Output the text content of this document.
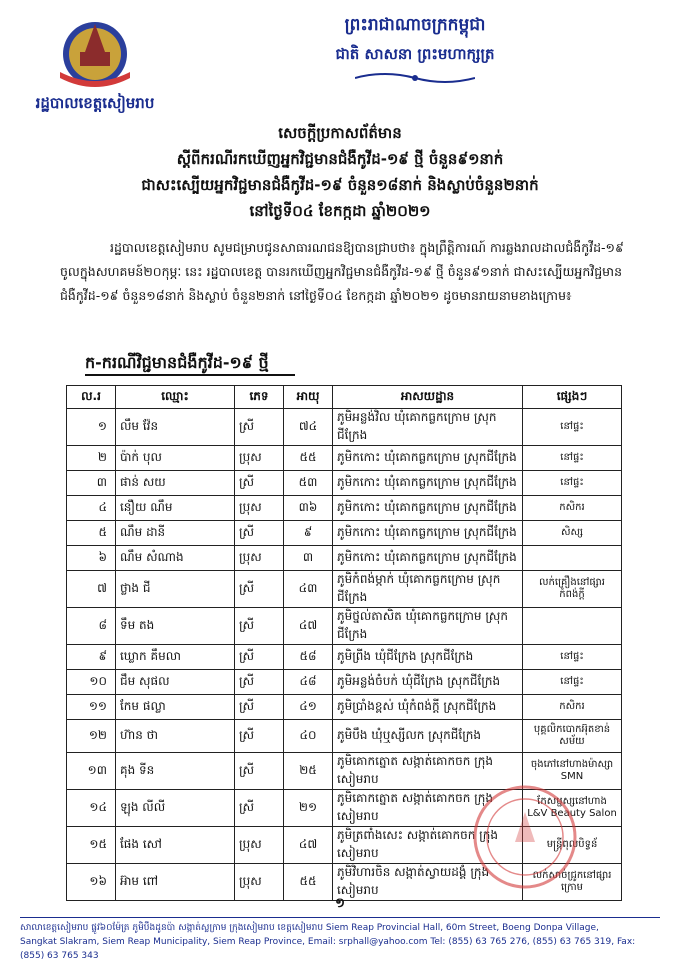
រដ្ឋបាលខេត្តសៀមរាប
ព្រះរាជាណាចក្រកម្ពុជា
ជាតិ សាសនា ព្រះមហាក្សត្រ
សេចក្តីប្រកាសព័ត៌មាន
ស្តីពីករណីរកឃើញអ្នកវិជ្ជមានជំងឺកូវីដ-១៩ ថ្មី ចំនួន៩១នាក់
ជាសះស្បើយអ្នកវិជ្ជមានជំងឺកូវីដ-១៩ ចំនួន១៨នាក់ និងស្លាប់ចំនួន២នាក់
នៅថ្ងៃទី០៤ ខែកក្កដា ឆ្នាំ២០២១
រដ្ឋបាលខេត្តសៀមរាប សូមជម្រាបជូនសាធារណជនឱ្យបានជ្រាបថា៖ ក្នុងព្រឹត្តិការណ៍ ការឆ្លងរាលដាលជំងឺកូវីដ-១៩ ចូលក្នុងសហគមន៍២០កុម្ភៈ នេះ រដ្ឋបាលខេត្ត បានរកឃើញអ្នកវិជ្ជមានជំងឺកូវីដ-១៩ ថ្មី ចំនួន៩១នាក់ ជាសះស្បើយអ្នកវិជ្ជមានជំងឺកូវីដ-១៩ ចំនួន១៨នាក់ និងស្លាប់ ចំនួន២នាក់ នៅថ្ងៃទី០៤ ខែកក្កដា ឆ្នាំ២០២១ ដូចមានរាយនាមខាងក្រោម៖
ក-ករណីវិជ្ជមានជំងឺកូវីដ-១៩ ថ្មី
ល.រ	ឈ្មោះ	ភេទ	អាយុ	អាសយដ្ឋាន	ផ្សេងៗ
១	លឹម វ៉ែន	ស្រី	៧៤	ភូមិអន្លង់វិល ឃុំគោកធ្លកក្រោម ស្រុកជីក្រែង	នៅផ្ទះ
២	ប៉ាក់ បុល	ប្រុស	៥៥	ភូមិកកោះ ឃុំគោកធ្លកក្រោម ស្រុកជីក្រែង	នៅផ្ទះ
៣	ផាន់ សយ	ស្រី	៥៣	ភូមិកកោះ ឃុំគោកធ្លកក្រោម ស្រុកជីក្រែង	នៅផ្ទះ
៤	នឿយ ណឹម	ប្រុស	៣៦	ភូមិកកោះ ឃុំគោកធ្លកក្រោម ស្រុកជីក្រែង	កសិករ
៥	ណឹម ដានី	ស្រី	៩	ភូមិកកោះ ឃុំគោកធ្លកក្រោម ស្រុកជីក្រែង	សិស្ស
៦	ណឹម សំណាង	ប្រុស	៣	ភូមិកកោះ ឃុំគោកធ្លកក្រោម ស្រុកជីក្រែង	
៧	ថ្លាង ជី	ស្រី	៤៣	ភូមិកំពង់ម្កាក់ ឃុំគោកធ្លកក្រោម ស្រុកជីក្រែង	លក់គ្រឿងនៅផ្សារកំពង់ក្តី
៨	ទឹម តង	ស្រី	៤៧	ភូមិថ្នល់តាសិត ឃុំគោកធ្លកក្រោម ស្រុកជីក្រែង	
៩	ឃ្លោក គឹមលា	ស្រី	៥៨	ភូមិព្រីង ឃុំជីក្រែង ស្រុកជីក្រែង	នៅផ្ទះ
១០	ជឹម សុផល	ស្រី	៤៨	ភូមិអន្លង់ចំបក់ ឃុំជីក្រែង ស្រុកជីក្រែង	នៅផ្ទះ
១១	កែម ផល្លា	ស្រី	៤១	ភូមិប្រាំងខ្ពស់ ឃុំកំពង់ក្តី ស្រុកជីក្រែង	កសិករ
១២	ហ៊ាន ថា	ស្រី	៤០	ភូមិបឹង ឃុំឬស្សីលក ស្រុកជីក្រែង	បុគ្គលិកបោកអ៊ុតខាន់សម័យ
១៣	គុង ទីន	ស្រី	២៥	ភូមិគោកត្នោត សង្កាត់គោកចក ក្រុងសៀមរាប	ចុងភៅនៅហាងម៉ាស្សា SMN
១៤	ឡុង លីលី	ស្រី	២១	ភូមិគោកត្នោត សង្កាត់គោកចក ក្រុងសៀមរាប	កែសម្ផស្សនៅហាង L&V Beauty Salon
១៥	ផែង សៅ	ប្រុស	៤៧	ភូមិត្រពាំងសេះ សង្កាត់គោកចក ក្រុងសៀមរាប	មន្ត្រីពុលបិទ្វន័
១៦	អ៊ាម ពៅ	ប្រុស	៥៥	ភូមិវិហារចិន សង្កាត់ស្វាយដង្គំ ក្រុងសៀមរាប	លក់សាច់ជ្រូកនៅផ្សារក្រោម
១
សាលាខេត្តសៀមរាប ផ្លូវ៦០ម៉ែត្រ ភូមិបឹងដូនប៉ា សង្កាត់ស្លក្រាម ក្រុងសៀមរាប ខេត្តសៀមរាប Siem Reap Provincial Hall, 60m Street, Boeng Donpa Village,
Sangkat Slakram, Siem Reap Municipality, Siem Reap Province, Email: srphall@yahoo.com Tel: (855) 63 765 276, (855) 63 765 319, Fax: (855) 63 765 343
